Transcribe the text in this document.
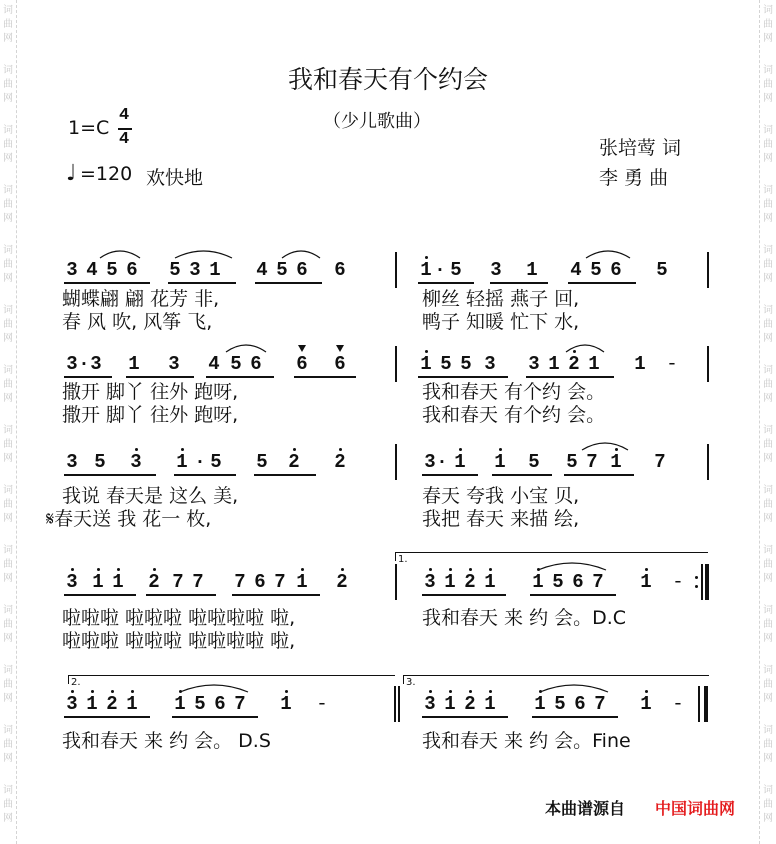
词曲网
词曲网
词曲网
词曲网
词曲网
词曲网
词曲网
词曲网
词曲网
词曲网
词曲网
词曲网
词曲网
词曲网
词曲网
词曲网
词曲网
词曲网
词曲网
词曲网
词曲网
词曲网
词曲网
词曲网
词曲网
词曲网
词曲网
词曲网
我和春天有个约会
（少儿歌曲）
1=C
4
4
♩ =120 欢快地
张培莺 词
李 勇 曲
3 4 5 6 5 3 1 4 5 6 6	1 · 5 3 1 4 5 6 5
3 · 3 1 3 4 5 6 6 6	1 5 5 3 3 1 2 1 1 -
3 5 3 1 · 5 5 2 2	3 · 1 1 5 5 7 1 7
3 1 1 2 7 7 7 6 7 1 2	3 1 2 1 1 5 6 7 1 -
3 1 2 1 1 5 6 7 1 -	3 1 2 1 1 5 6 7 1 -
蝴蝶翩 翩 花芳 非,	柳丝 轻摇 燕子 回,
春 风 吹, 风筝 飞,	鸭子 知暖 忙下 水,
撒开 脚丫 往外 跑呀,	我和春天 有个约 会。
撒开 脚丫 往外 跑呀,	我和春天 有个约 会。
我说 春天是 这么 美,	春天 夸我 小宝 贝,
𝄋春天送 我 花一 枚,	我把 春天 来描 绘,
啦啦啦 啦啦啦 啦啦啦啦 啦,	我和春天 来 约 会。D.C
啦啦啦 啦啦啦 啦啦啦啦 啦,
我和春天 来 约 会。 D.S	我和春天 来 约 会。Fine
1.
2.	3.
本曲谱源自 中国词曲网
